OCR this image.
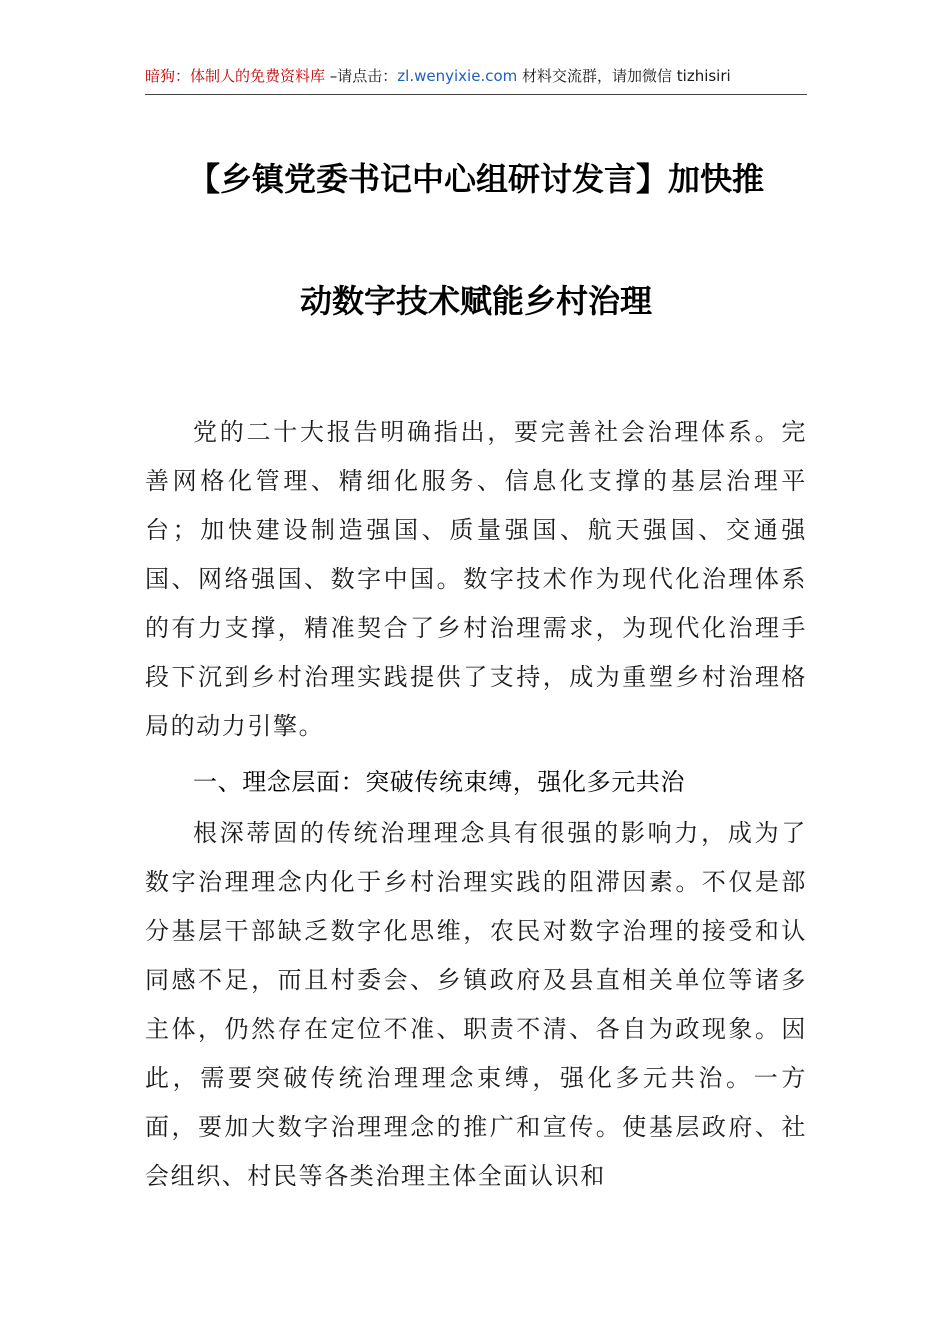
暗狗：体制人的免费资料库 –请点击：zl.wenyixie.com 材料交流群，请加微信 tizhisiri
【乡镇党委书记中心组研讨发言】加快推
动数字技术赋能乡村治理

党的二十大报告明确指出，要完善社会治理体系。完善网格化管理、精细化服务、信息化支撑的基层治理平台；加快建设制造强国、质量强国、航天强国、交通强国、网络强国、数字中国。数字技术作为现代化治理体系的有力支撑，精准契合了乡村治理需求，为现代化治理手段下沉到乡村治理实践提供了支持，成为重塑乡村治理格局的动力引擎。

一、理念层面：突破传统束缚，强化多元共治

根深蒂固的传统治理理念具有很强的影响力，成为了数字治理理念内化于乡村治理实践的阻滞因素。不仅是部分基层干部缺乏数字化思维，农民对数字治理的接受和认同感不足，而且村委会、乡镇政府及县直相关单位等诸多主体，仍然存在定位不准、职责不清、各自为政现象。因此，需要突破传统治理理念束缚，强化多元共治。一方面，要加大数字治理理念的推广和宣传。使基层政府、社会组织、村民等各类治理主体全面认识和
